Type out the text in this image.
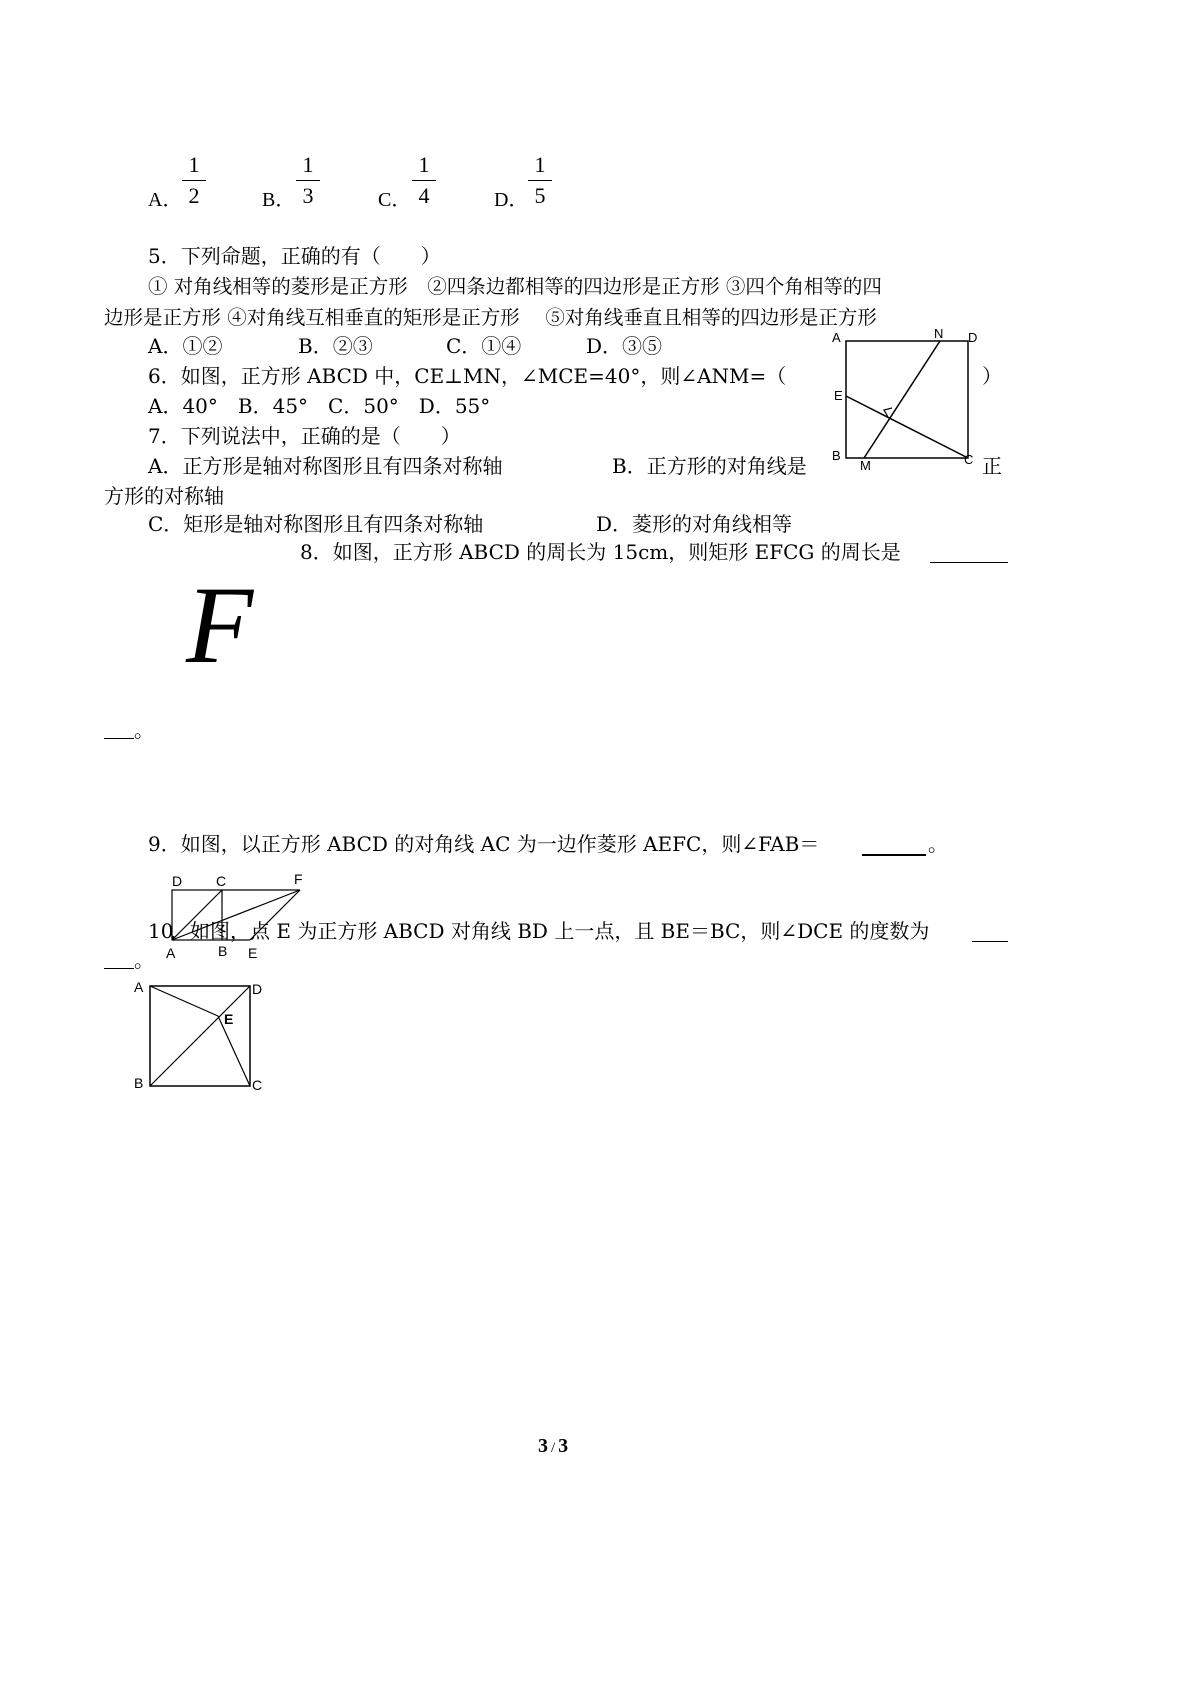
A．
1
2	B．
1
3	C．
1
4	D．
1
5
5．下列命题，正确的有（　　）
① 对角线相等的菱形是正方形　②四条边都相等的四边形是正方形 ③四个角相等的四
边形是正方形 ④对角线互相垂直的矩形是正方形　 ⑤对角线垂直且相等的四边形是正方形
A．①②	B．②③	C．①④	D．③⑤
6．如图，正方形 ABCD 中，CE⊥MN，∠MCE=40°，则∠ANM=（	）
A．40°　B．45°　C．50°　D．55°
A	N D
E
B
M	C
7．下列说法中，正确的是（　　）
A．正方形是轴对称图形且有四条对称轴	B．正方形的对角线是	正
方形的对称轴
C．矩形是轴对称图形且有四条对称轴	D．菱形的对角线相等
8．如图，正方形 ABCD 的周长为 15cm，则矩形 EFCG 的周长是
F
。
9．如图，以正方形 ABCD 的对角线 AC 为一边作菱形 AEFC，则∠FAB＝	。
D C	F
A	B E
10
．如图，点 E 为正方形 ABCD 对角线 BD 上一点，且 BE＝BC，则∠DCE 的度数为
。
A	D
E
B	C
3 / 3
